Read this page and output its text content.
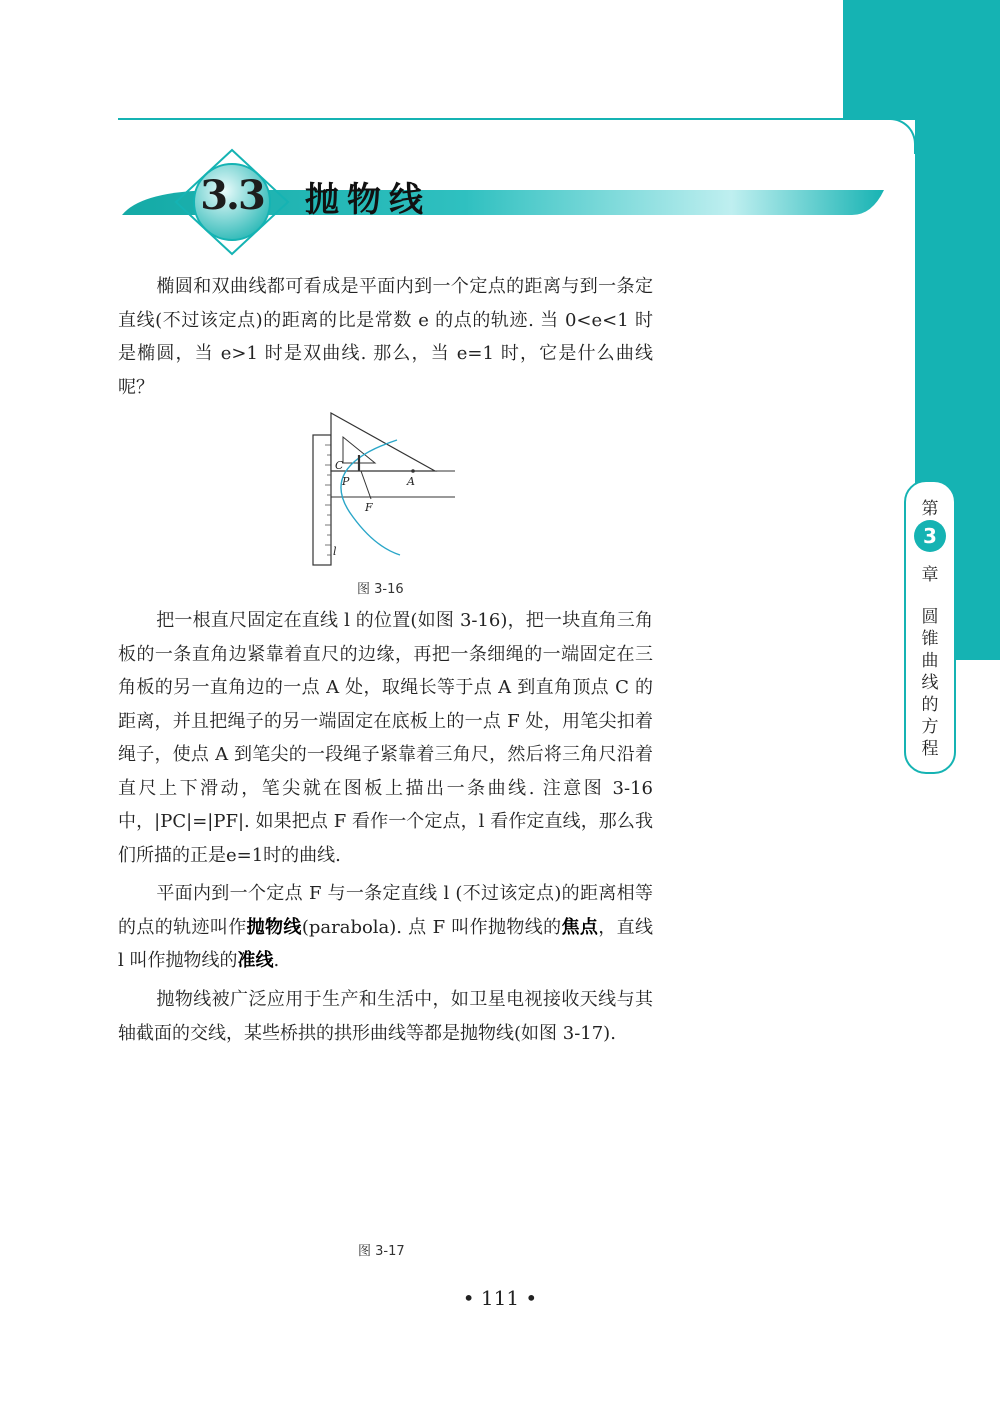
3.3 抛物线
第
3
章
圆
锥
曲
线
的
方
程
椭圆和双曲线都可看成是平面内到一个定点的距离与到一条定直线(不过该定点)的距离的比是常数 e 的点的轨迹. 当 0<e<1 时是椭圆，当 e>1 时是双曲线. 那么，当 e=1 时，它是什么曲线呢？
C
P	A
F
l
图 3-16
把一根直尺固定在直线 l 的位置(如图 3-16)，把一块直角三角板的一条直角边紧靠着直尺的边缘，再把一条细绳的一端固定在三角板的另一直角边的一点 A 处，取绳长等于点 A 到直角顶点 C 的距离，并且把绳子的另一端固定在底板上的一点 F 处，用笔尖扣着绳子，使点 A 到笔尖的一段绳子紧靠着三角尺，然后将三角尺沿着直尺上下滑动，笔尖就在图板上描出一条曲线. 注意图 3-16 中，|PC|=|PF|. 如果把点 F 看作一个定点，l 看作定直线，那么我们所描的正是e=1时的曲线.
平面内到一个定点 F 与一条定直线 l (不过该定点)的距离相等的点的轨迹叫作抛物线(parabola). 点 F 叫作抛物线的焦点，直线 l 叫作抛物线的准线.
抛物线被广泛应用于生产和生活中，如卫星电视接收天线与其轴截面的交线，某些桥拱的拱形曲线等都是抛物线(如图 3-17).
图 3-17
• 111 •
